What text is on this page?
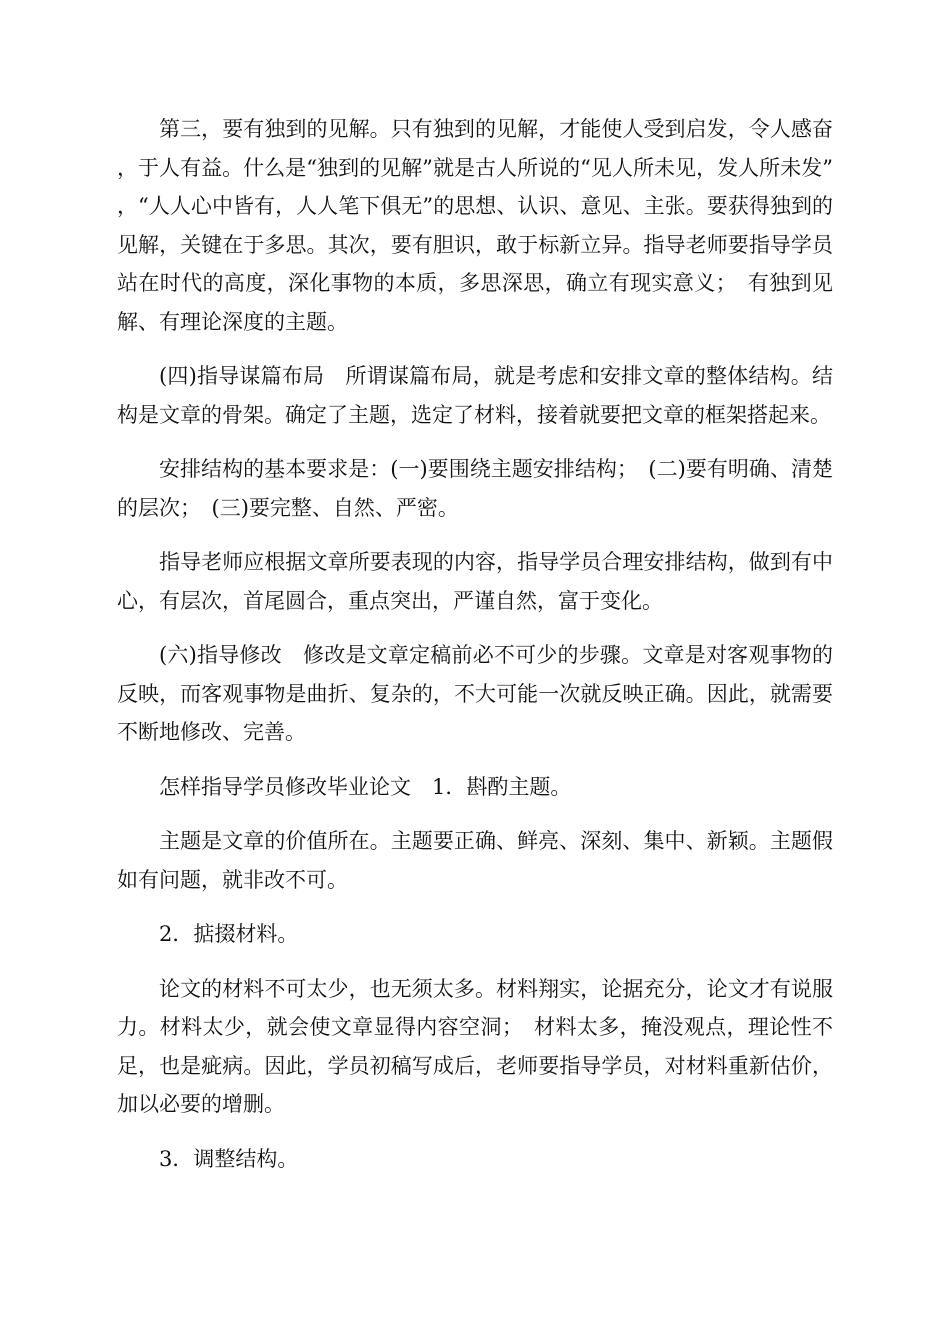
第三，要有独到的见解。只有独到的见解，才能使人受到启发，令人感奋，于人有益。什么是“独到的见解”就是古人所说的“见人所未见，发人所未发”，“人人心中皆有，人人笔下俱无”的思想、认识、意见、主张。要获得独到的见解，关键在于多思。其次，要有胆识，敢于标新立异。指导老师要指导学员站在时代的高度，深化事物的本质，多思深思，确立有现实意义；　有独到见解、有理论深度的主题。

(四)指导谋篇布局　所谓谋篇布局，就是考虑和安排文章的整体结构。结构是文章的骨架。确定了主题，选定了材料，接着就要把文章的框架搭起来。

安排结构的基本要求是：(一)要围绕主题安排结构；　(二)要有明确、清楚的层次；　(三)要完整、自然、严密。

指导老师应根据文章所要表现的内容，指导学员合理安排结构，做到有中心，有层次，首尾圆合，重点突出，严谨自然，富于变化。

(六)指导修改　修改是文章定稿前必不可少的步骤。文章是对客观事物的反映，而客观事物是曲折、复杂的，不大可能一次就反映正确。因此，就需要不断地修改、完善。

怎样指导学员修改毕业论文　1．斟酌主题。

主题是文章的价值所在。主题要正确、鲜亮、深刻、集中、新颖。主题假如有问题，就非改不可。

2．掂掇材料。

论文的材料不可太少，也无须太多。材料翔实，论据充分，论文才有说服力。材料太少，就会使文章显得内容空洞；　材料太多，掩没观点，理论性不足，也是疵病。因此，学员初稿写成后，老师要指导学员，对材料重新估价，加以必要的增删。

3．调整结构。
